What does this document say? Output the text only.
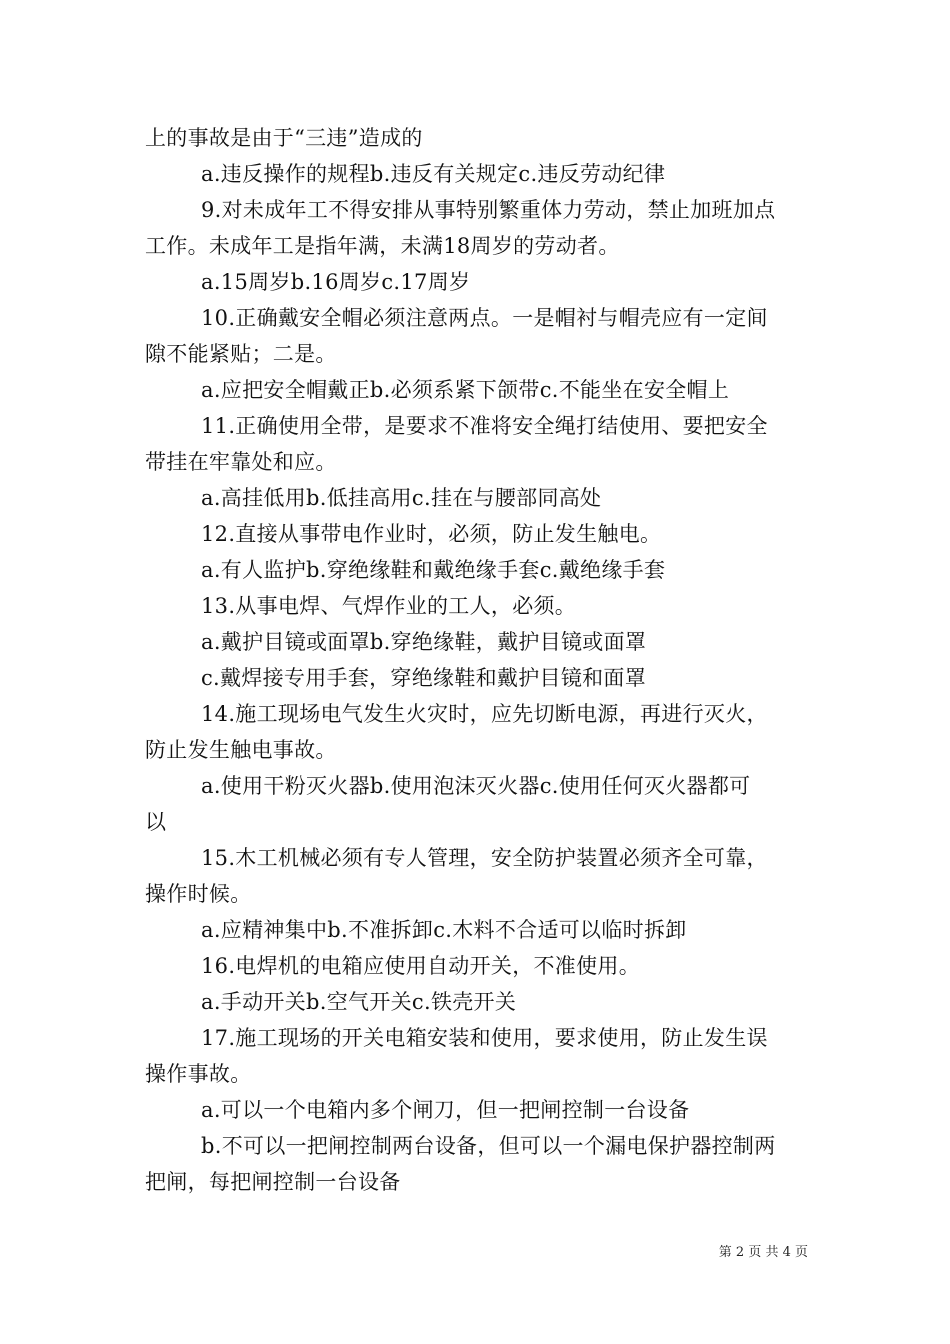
上的事故是由于“三违”造成的
a.违反操作的规程b.违反有关规定c.违反劳动纪律
9.对未成年工不得安排从事特别繁重体力劳动，禁止加班加点
工作。未成年工是指年满，未满18周岁的劳动者。
a.15周岁b.16周岁c.17周岁
10.正确戴安全帽必须注意两点。一是帽衬与帽壳应有一定间
隙不能紧贴；二是。
a.应把安全帽戴正b.必须系紧下颌带c.不能坐在安全帽上
11.正确使用全带，是要求不准将安全绳打结使用、要把安全
带挂在牢靠处和应。
a.高挂低用b.低挂高用c.挂在与腰部同高处
12.直接从事带电作业时，必须，防止发生触电。
a.有人监护b.穿绝缘鞋和戴绝缘手套c.戴绝缘手套
13.从事电焊、气焊作业的工人，必须。
a.戴护目镜或面罩b.穿绝缘鞋，戴护目镜或面罩
c.戴焊接专用手套，穿绝缘鞋和戴护目镜和面罩
14.施工现场电气发生火灾时，应先切断电源，再进行灭火，
防止发生触电事故。
a.使用干粉灭火器b.使用泡沫灭火器c.使用任何灭火器都可
以
15.木工机械必须有专人管理，安全防护装置必须齐全可靠，
操作时候。
a.应精神集中b.不准拆卸c.木料不合适可以临时拆卸
16.电焊机的电箱应使用自动开关，不准使用。
a.手动开关b.空气开关c.铁壳开关
17.施工现场的开关电箱安装和使用，要求使用，防止发生误
操作事故。
a.可以一个电箱内多个闸刀，但一把闸控制一台设备
b.不可以一把闸控制两台设备，但可以一个漏电保护器控制两
把闸，每把闸控制一台设备
第 2 页 共 4 页
